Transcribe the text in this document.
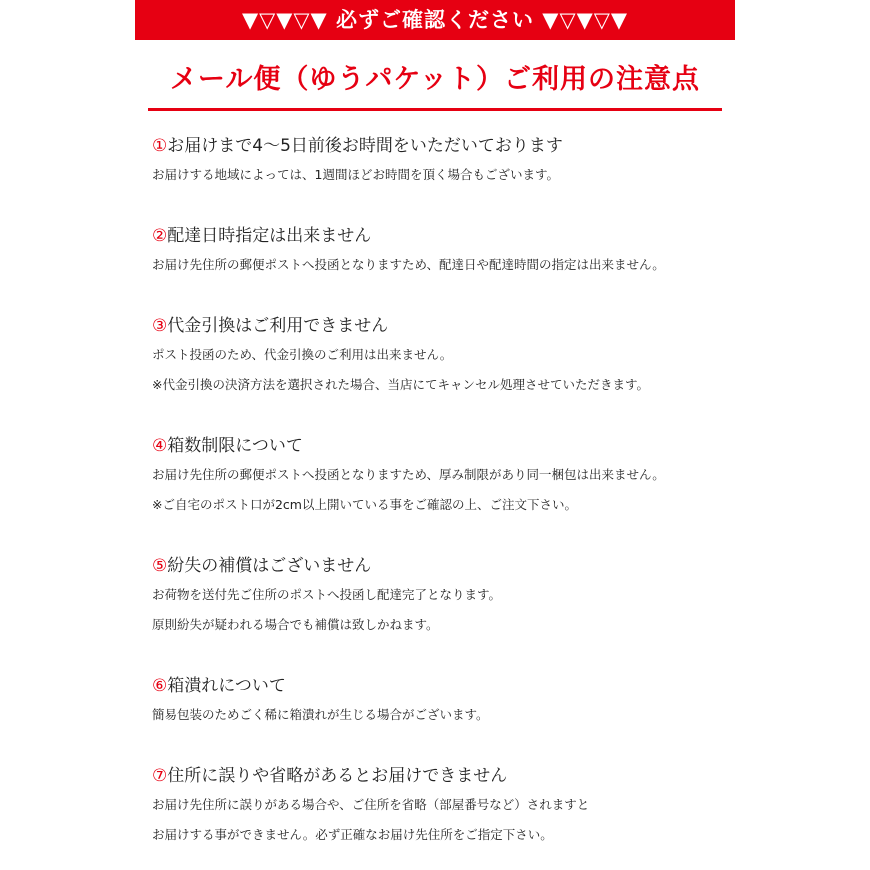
▼▽▼▽▼ 必ずご確認ください ▼▽▼▽▼
メール便（ゆうパケット）ご利用の注意点
①お届けまで4～5日前後お時間をいただいております
お届けする地域によっては、1週間ほどお時間を頂く場合もございます。
②配達日時指定は出来ません
お届け先住所の郵便ポストへ投函となりますため、配達日や配達時間の指定は出来ません。
③代金引換はご利用できません
ポスト投函のため、代金引換のご利用は出来ません。
※代金引換の決済方法を選択された場合、当店にてキャンセル処理させていただきます。
④箱数制限について
お届け先住所の郵便ポストへ投函となりますため、厚み制限があり同一梱包は出来ません。
※ご自宅のポスト口が2cm以上開いている事をご確認の上、ご注文下さい。
⑤紛失の補償はございません
お荷物を送付先ご住所のポストへ投函し配達完了となります。
原則紛失が疑われる場合でも補償は致しかねます。
⑥箱潰れについて
簡易包装のためごく稀に箱潰れが生じる場合がございます。
⑦住所に誤りや省略があるとお届けできません
お届け先住所に誤りがある場合や、ご住所を省略（部屋番号など）されますと
お届けする事ができません。必ず正確なお届け先住所をご指定下さい。
